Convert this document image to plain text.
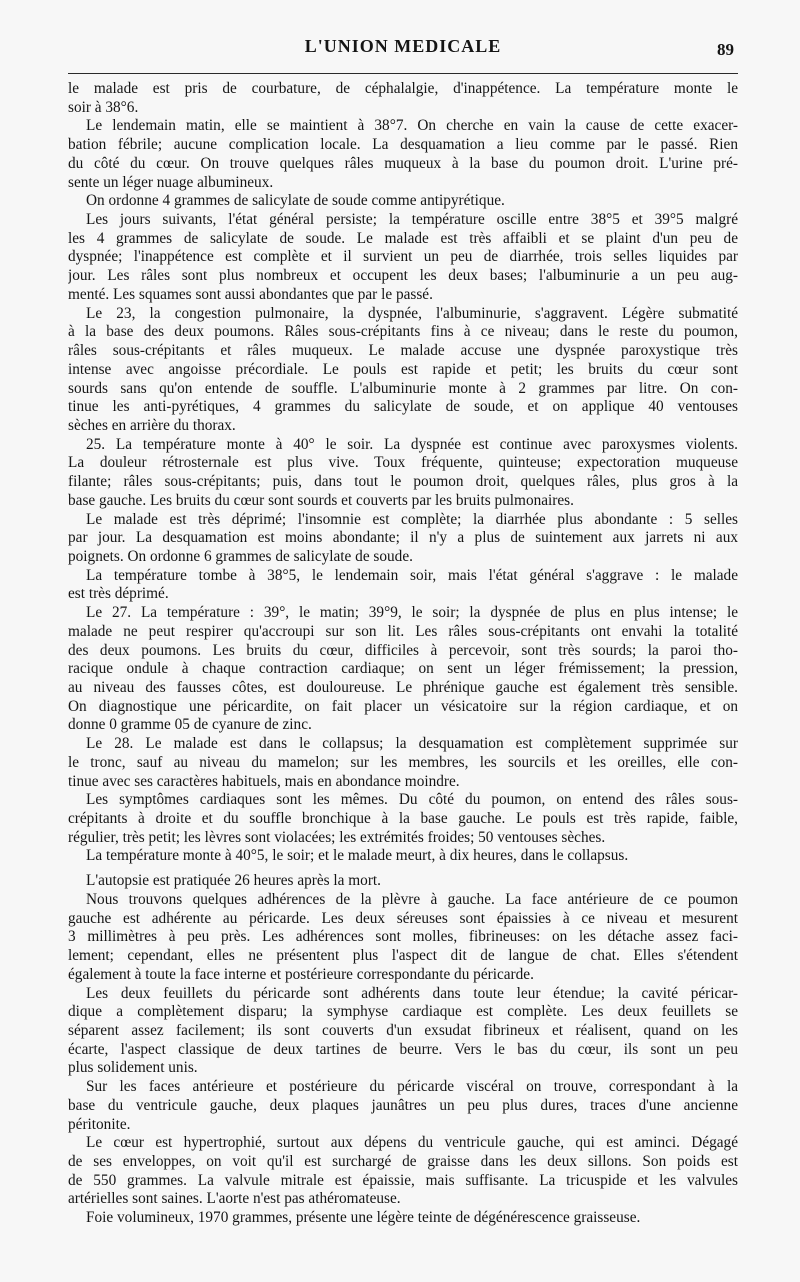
L'UNION MEDICALE	89
le malade est pris de courbature, de céphalalgie, d'inappétence. La température monte le
soir à 38°6.
Le lendemain matin, elle se maintient à 38°7. On cherche en vain la cause de cette exacer-
bation fébrile; aucune complication locale. La desquamation a lieu comme par le passé. Rien
du côté du cœur. On trouve quelques râles muqueux à la base du poumon droit. L'urine pré-
sente un léger nuage albumineux.
On ordonne 4 grammes de salicylate de soude comme antipyrétique.
Les jours suivants, l'état général persiste; la température oscille entre 38°5 et 39°5 malgré
les 4 grammes de salicylate de soude. Le malade est très affaibli et se plaint d'un peu de
dyspnée; l'inappétence est complète et il survient un peu de diarrhée, trois selles liquides par
jour. Les râles sont plus nombreux et occupent les deux bases; l'albuminurie a un peu aug-
menté. Les squames sont aussi abondantes que par le passé.
Le 23, la congestion pulmonaire, la dyspnée, l'albuminurie, s'aggravent. Légère submatité
à la base des deux poumons. Râles sous-crépitants fins à ce niveau; dans le reste du poumon,
râles sous-crépitants et râles muqueux. Le malade accuse une dyspnée paroxystique très
intense avec angoisse précordiale. Le pouls est rapide et petit; les bruits du cœur sont
sourds sans qu'on entende de souffle. L'albuminurie monte à 2 grammes par litre. On con-
tinue les anti-pyrétiques, 4 grammes du salicylate de soude, et on applique 40 ventouses
sèches en arrière du thorax.
25. La température monte à 40° le soir. La dyspnée est continue avec paroxysmes violents.
La douleur rétrosternale est plus vive. Toux fréquente, quinteuse; expectoration muqueuse
filante; râles sous-crépitants; puis, dans tout le poumon droit, quelques râles, plus gros à la
base gauche. Les bruits du cœur sont sourds et couverts par les bruits pulmonaires.
Le malade est très déprimé; l'insomnie est complète; la diarrhée plus abondante : 5 selles
par jour. La desquamation est moins abondante; il n'y a plus de suintement aux jarrets ni aux
poignets. On ordonne 6 grammes de salicylate de soude.
La température tombe à 38°5, le lendemain soir, mais l'état général s'aggrave : le malade
est très déprimé.
Le 27. La température : 39°, le matin; 39°9, le soir; la dyspnée de plus en plus intense; le
malade ne peut respirer qu'accroupi sur son lit. Les râles sous-crépitants ont envahi la totalité
des deux poumons. Les bruits du cœur, difficiles à percevoir, sont très sourds; la paroi tho-
racique ondule à chaque contraction cardiaque; on sent un léger frémissement; la pression,
au niveau des fausses côtes, est douloureuse. Le phrénique gauche est également très sensible.
On diagnostique une péricardite, on fait placer un vésicatoire sur la région cardiaque, et on
donne 0 gramme 05 de cyanure de zinc.
Le 28. Le malade est dans le collapsus; la desquamation est complètement supprimée sur
le tronc, sauf au niveau du mamelon; sur les membres, les sourcils et les oreilles, elle con-
tinue avec ses caractères habituels, mais en abondance moindre.
Les symptômes cardiaques sont les mêmes. Du côté du poumon, on entend des râles sous-
crépitants à droite et du souffle bronchique à la base gauche. Le pouls est très rapide, faible,
régulier, très petit; les lèvres sont violacées; les extrémités froides; 50 ventouses sèches.
La température monte à 40°5, le soir; et le malade meurt, à dix heures, dans le collapsus.
L'autopsie est pratiquée 26 heures après la mort.
Nous trouvons quelques adhérences de la plèvre à gauche. La face antérieure de ce poumon
gauche est adhérente au péricarde. Les deux séreuses sont épaissies à ce niveau et mesurent
3 millimètres à peu près. Les adhérences sont molles, fibrineuses: on les détache assez faci-
lement; cependant, elles ne présentent plus l'aspect dit de langue de chat. Elles s'étendent
également à toute la face interne et postérieure correspondante du péricarde.
Les deux feuillets du péricarde sont adhérents dans toute leur étendue; la cavité péricar-
dique a complètement disparu; la symphyse cardiaque est complète. Les deux feuillets se
séparent assez facilement; ils sont couverts d'un exsudat fibrineux et réalisent, quand on les
écarte, l'aspect classique de deux tartines de beurre. Vers le bas du cœur, ils sont un peu
plus solidement unis.
Sur les faces antérieure et postérieure du péricarde viscéral on trouve, correspondant à la
base du ventricule gauche, deux plaques jaunâtres un peu plus dures, traces d'une ancienne
péritonite.
Le cœur est hypertrophié, surtout aux dépens du ventricule gauche, qui est aminci. Dégagé
de ses enveloppes, on voit qu'il est surchargé de graisse dans les deux sillons. Son poids est
de 550 grammes. La valvule mitrale est épaissie, mais suffisante. La tricuspide et les valvules
artérielles sont saines. L'aorte n'est pas athéromateuse.
Foie volumineux, 1970 grammes, présente une légère teinte de dégénérescence graisseuse.
